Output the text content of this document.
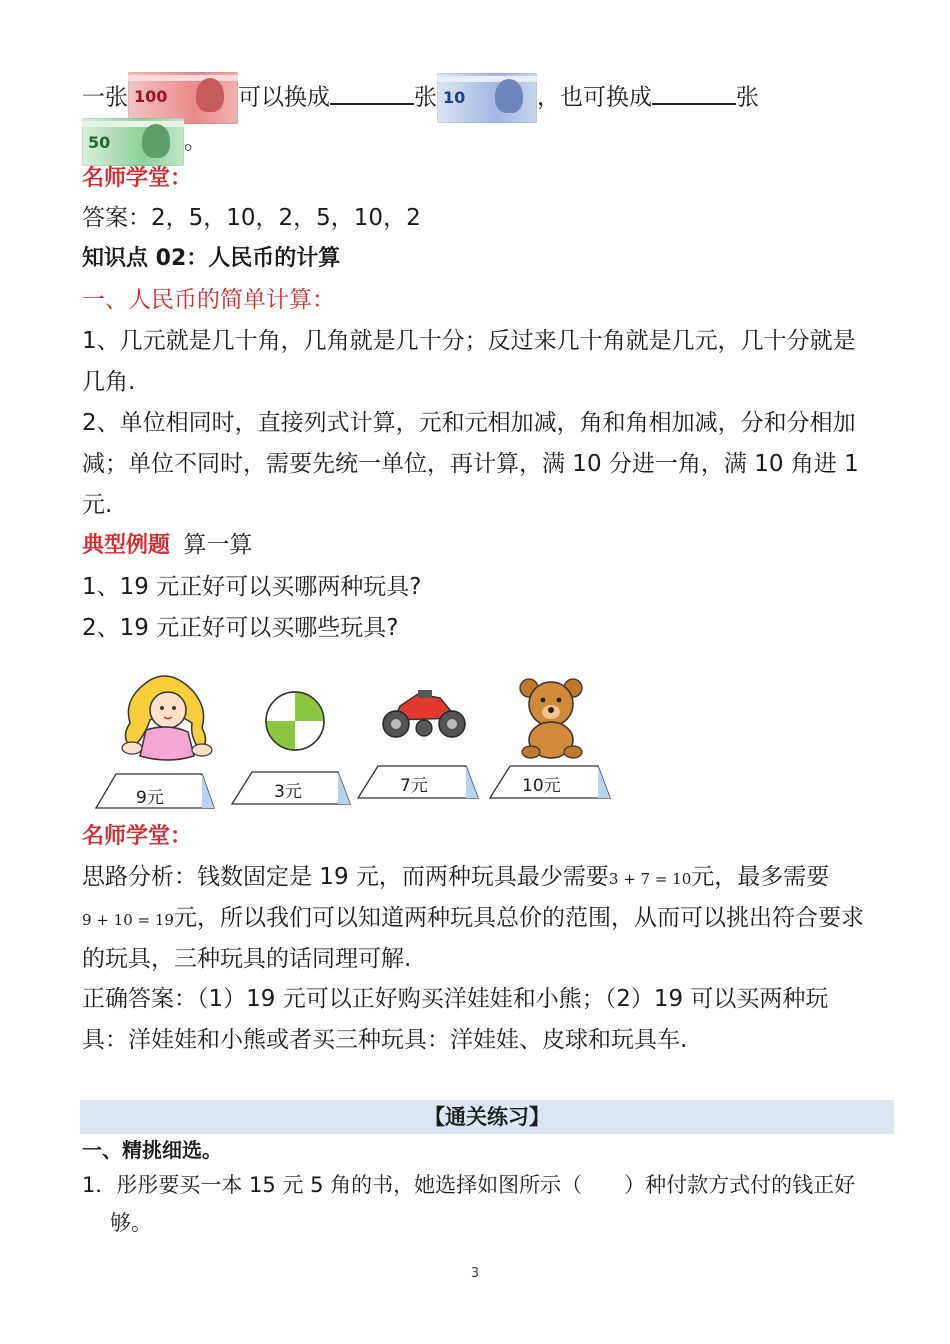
一张 100	可以换成	张 10	，也可换成	张
50	。
名师学堂：
答案：2，5，10，2，5，10，2
知识点 02：人民币的计算
一、人民币的简单计算：
1、几元就是几十角，几角就是几十分；反过来几十角就是几元，几十分就是
几角.
2、单位相同时，直接列式计算，元和元相加减，角和角相加减，分和分相加
减；单位不同时，需要先统一单位，再计算，满 10 分进一角，满 10 角进 1
元.
典型例题 算一算
1、19 元正好可以买哪两种玩具?
2、19 元正好可以买哪些玩具?
9元	3元	7元	10元
名师学堂：
思路分析：钱数固定是 19 元，而两种玩具最少需要3 + 7 = 10元，最多需要
9 + 10 = 19元，所以我们可以知道两种玩具总价的范围，从而可以挑出符合要求
的玩具，三种玩具的话同理可解.
正确答案：（1）19 元可以正好购买洋娃娃和小熊；（2）19 可以买两种玩
具：洋娃娃和小熊或者买三种玩具：洋娃娃、皮球和玩具车.
【通关练习】
一、精挑细选。
1．彤彤要买一本 15 元 5 角的书，她选择如图所示（　　）种付款方式付的钱正好
够。
3
